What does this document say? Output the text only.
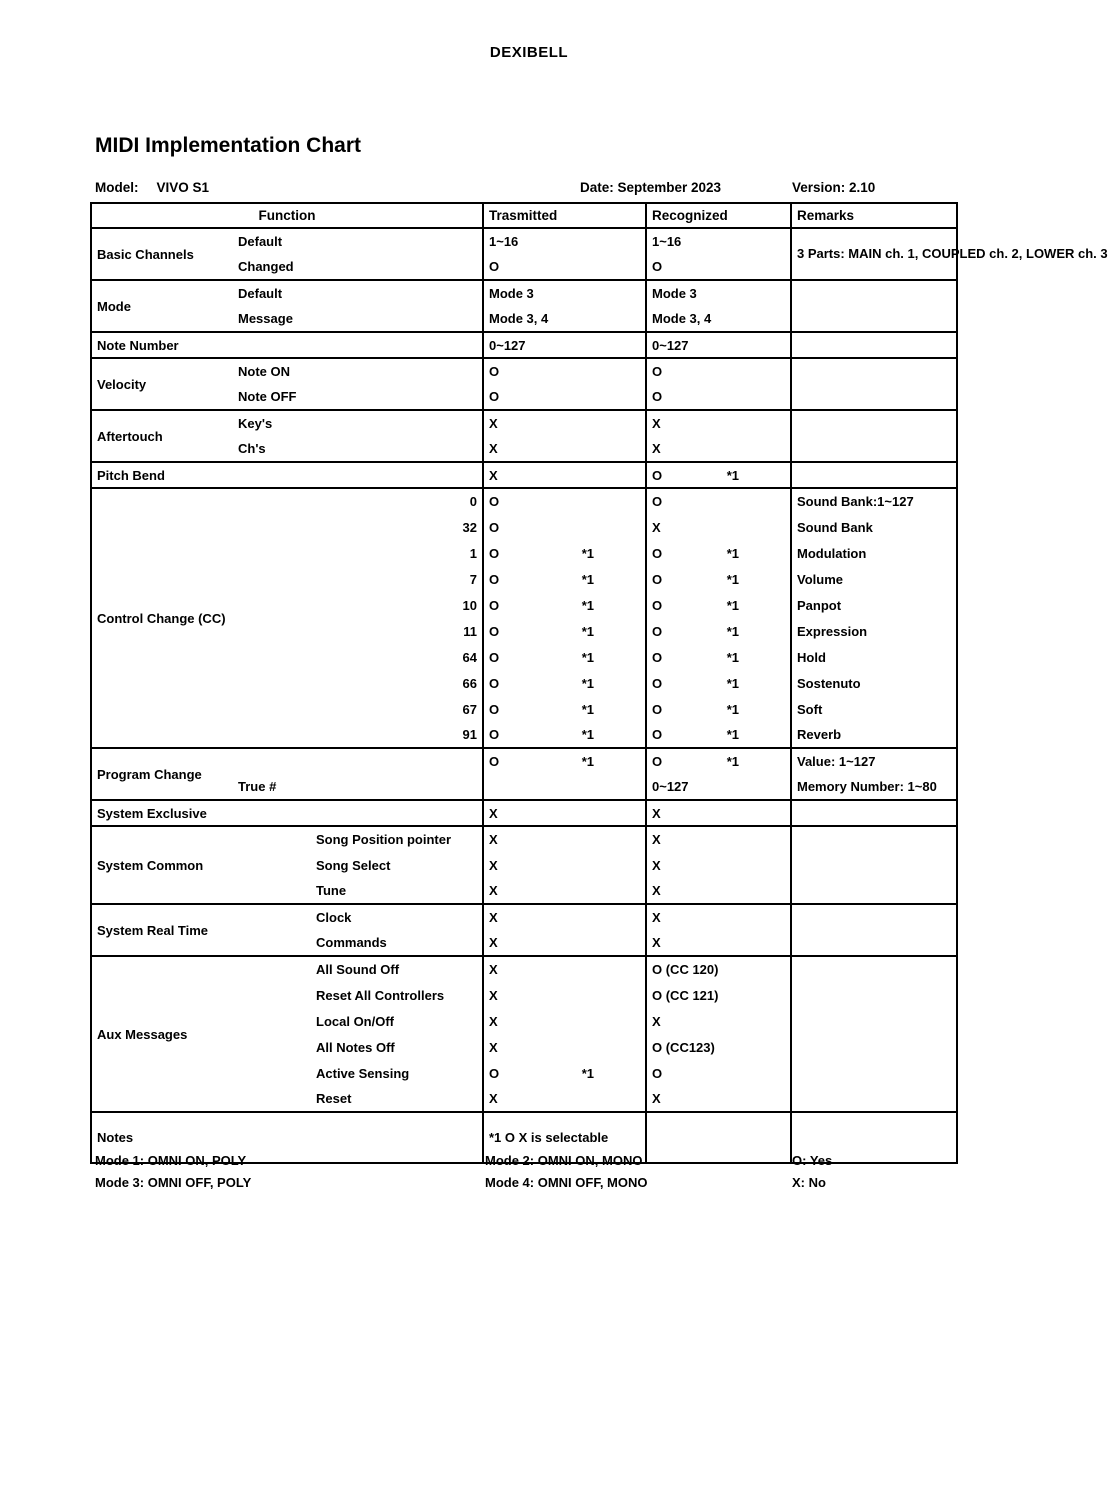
DEXIBELL
MIDI Implementation Chart
Model: VIVO S1	Date: September 2023	Version: 2.10
Function		Trasmitted	Recognized	Remarks
Basic Channels	Default	1~16	1~16	3 Parts: MAIN ch. 1, COUPLED ch. 2, LOWER ch. 3
	Changed	O	O	
Mode	Default	Mode 3	Mode 3	
	Message	Mode 3, 4	Mode 3, 4	
Note Number		0~127	0~127	
Velocity	Note ON	O	O	
	Note OFF	O	O	
Aftertouch	Key's	X	X	
	Ch's	X	X	
Pitch Bend		X	O *1	

Control Change (CC)	0	O	O	Sound Bank:1~127
	32	O	X	Sound Bank
	1	O *1	O *1	Modulation
	7	O *1	O *1	Volume
	10	O *1	O *1	Panpot
	11	O *1	O *1	Expression
	64	O *1	O *1	Hold
	66	O *1	O *1	Sostenuto
	67	O *1	O *1	Soft
	91	O *1	O *1	Reverb
Program Change		O *1	O *1	Value: 1~127
	True #		0~127	Memory Number: 1~80
System Exclusive		X	X	
System Common	Song Position pointer	X	X	
	Song Select	X	X	
	Tune	X	X	
System Real Time	Clock	X	X	
	Commands	X	X	
Aux Messages	All Sound Off	X	O (CC 120)	
	Reset All Controllers	X	O (CC 121)	
	Local On/Off	X	X	
	All Notes Off	X	O (CC123)	
	Active Sensing	O *1	O	
	Reset	X	X	
Notes		*1 O X is selectable		
Mode 1: OMNI ON, POLY
Mode 3: OMNI OFF, POLY
Mode 2: OMNI ON, MONO
Mode 4: OMNI OFF, MONO
O: Yes
X: No
